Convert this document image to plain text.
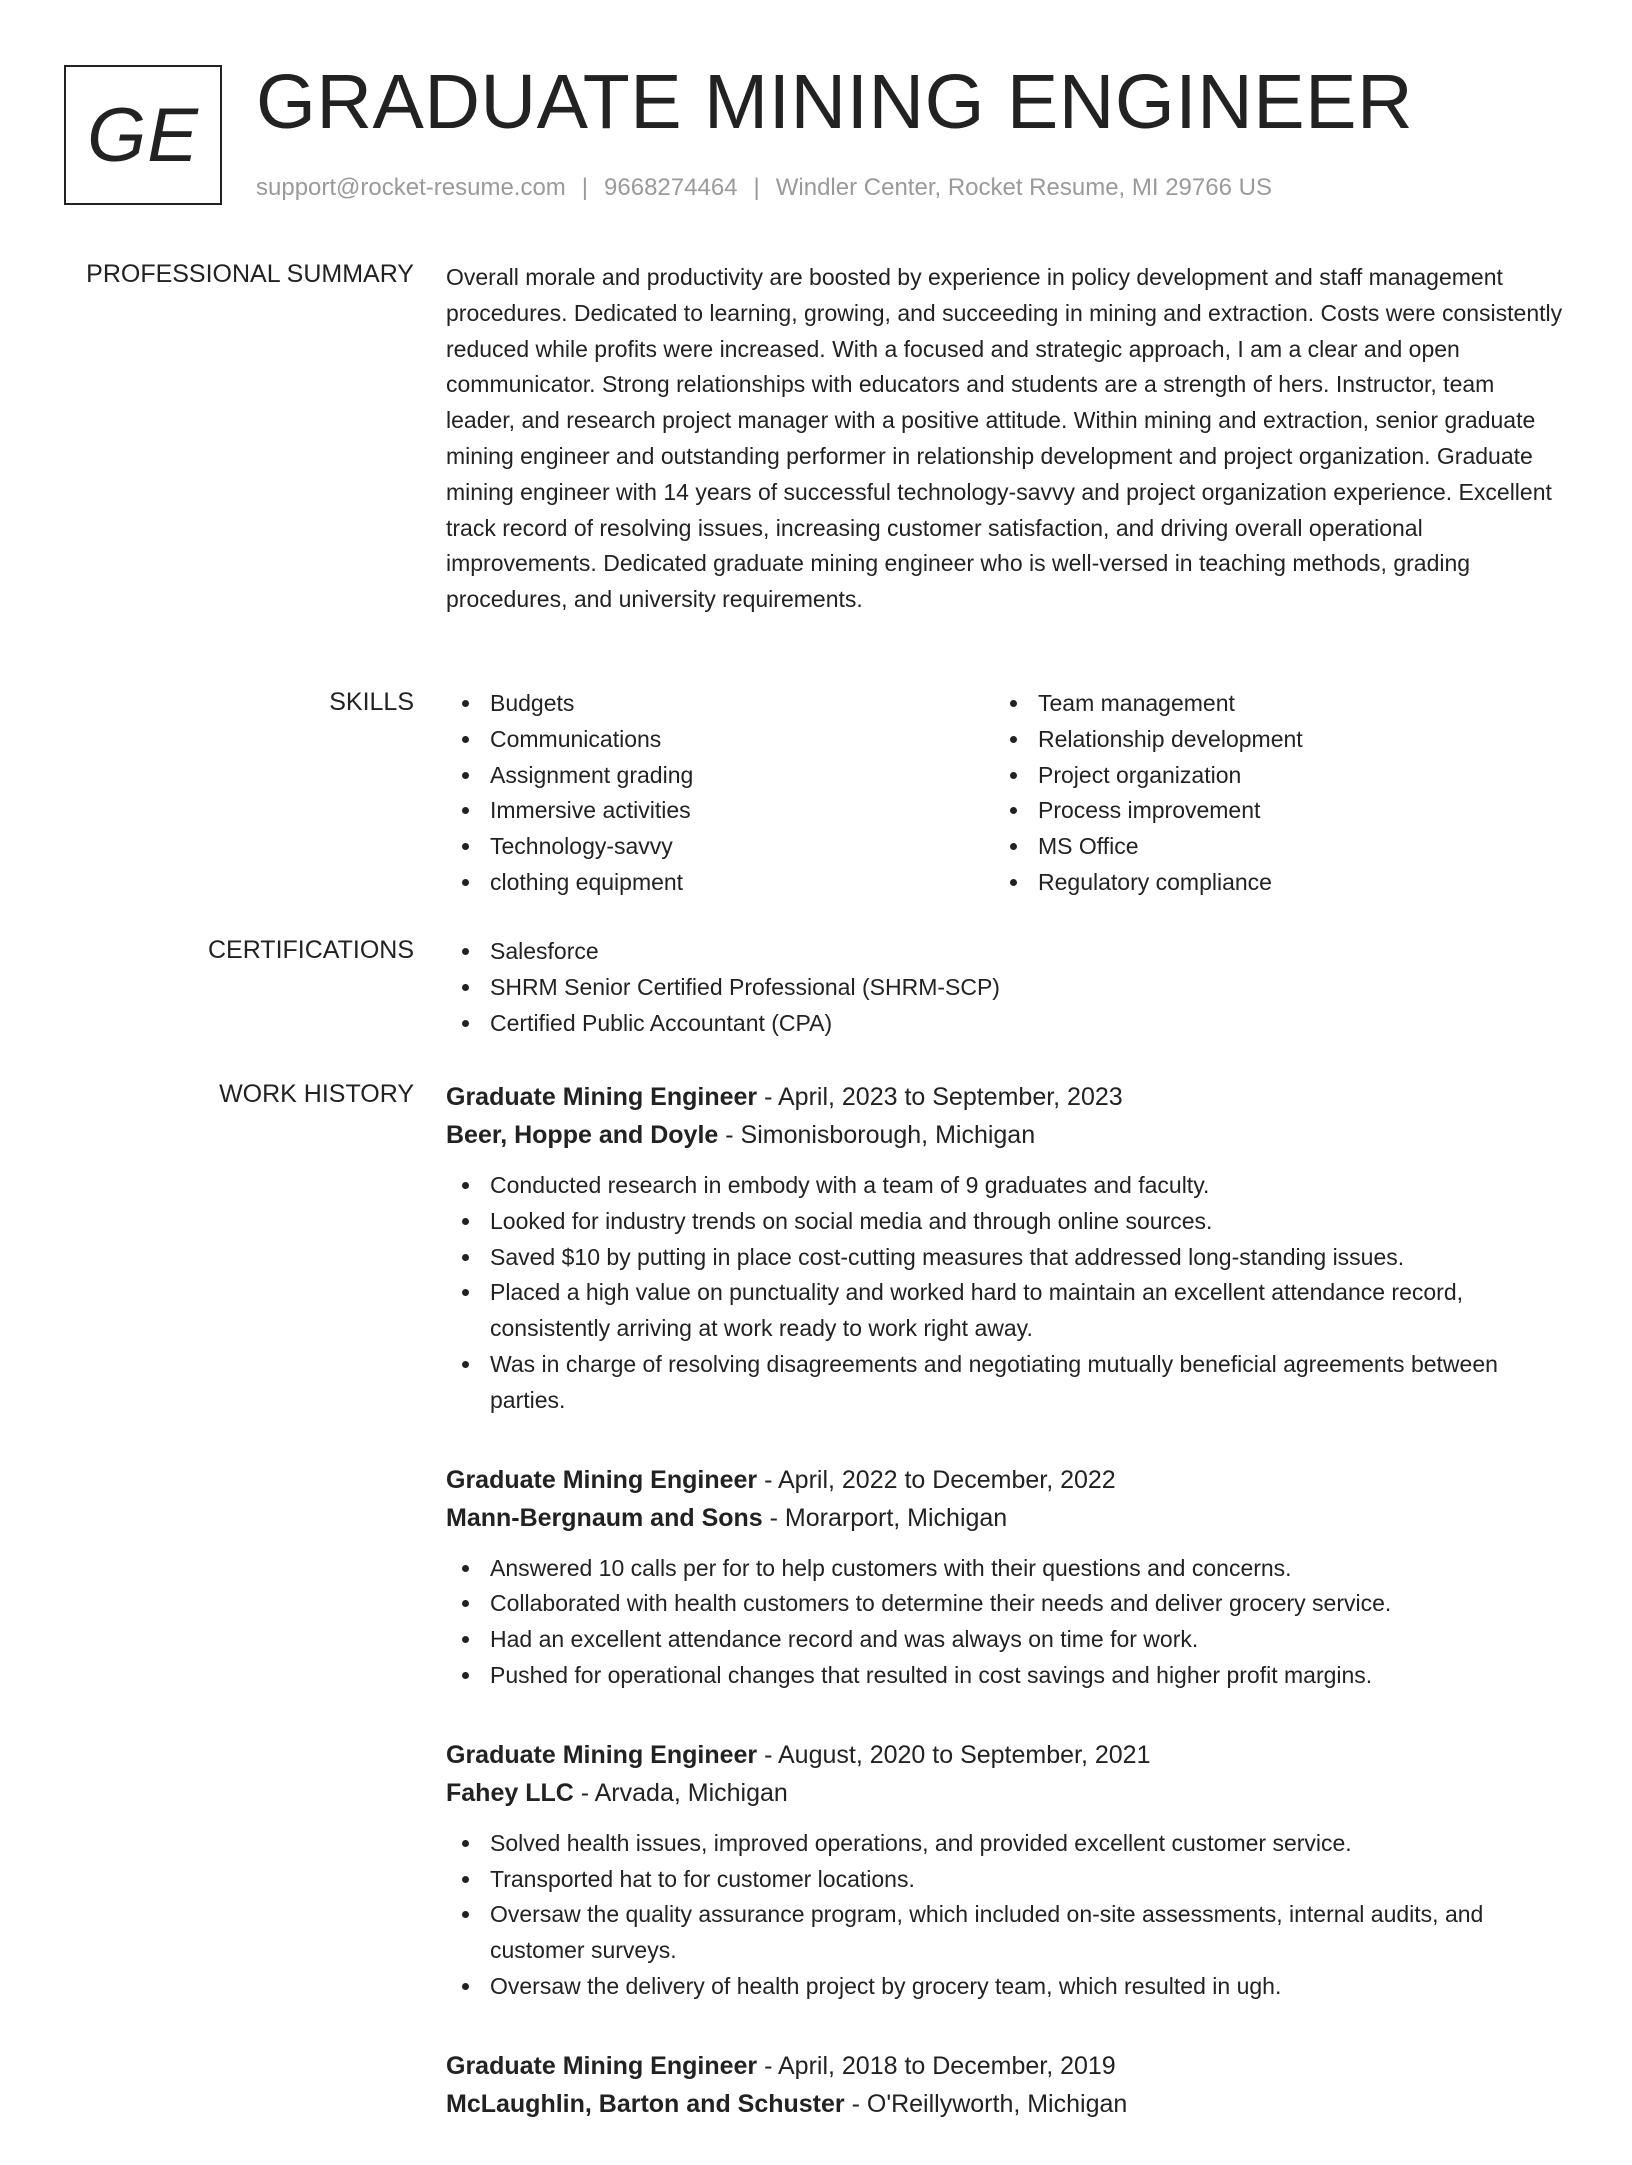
GE GRADUATE MINING ENGINEER
support@rocket-resume.com | 9668274464 | Windler Center, Rocket Resume, MI 29766 US
PROFESSIONAL SUMMARY Overall morale and productivity are boosted by experience in policy development and staff management procedures. Dedicated to learning, growing, and succeeding in mining and extraction. Costs were consistently reduced while profits were increased. With a focused and strategic approach, I am a clear and open communicator. Strong relationships with educators and students are a strength of hers. Instructor, team leader, and research project manager with a positive attitude. Within mining and extraction, senior graduate mining engineer and outstanding performer in relationship development and project organization. Graduate mining engineer with 14 years of successful technology-savvy and project organization experience. Excellent track record of resolving issues, increasing customer satisfaction, and driving overall operational improvements. Dedicated graduate mining engineer who is well-versed in teaching methods, grading procedures, and university requirements.

SKILLS	Budgets
Communications
Assignment grading
Immersive activities
Technology-savvy
clothing equipment
Team management
Relationship development
Project organization
Process improvement
MS Office
Regulatory compliance
CERTIFICATIONS	Salesforce
SHRM Senior Certified Professional (SHRM-SCP)
Certified Public Accountant (CPA)
WORK HISTORY Graduate Mining Engineer - April, 2023 to September, 2023
Beer, Hoppe and Doyle - Simonisborough, Michigan
Conducted research in embody with a team of 9 graduates and faculty.
Looked for industry trends on social media and through online sources.
Saved $10 by putting in place cost-cutting measures that addressed long-standing issues.
Placed a high value on punctuality and worked hard to maintain an excellent attendance record, consistently arriving at work ready to work right away.
Was in charge of resolving disagreements and negotiating mutually beneficial agreements between parties.
Graduate Mining Engineer - April, 2022 to December, 2022
Mann-Bergnaum and Sons - Morarport, Michigan
Answered 10 calls per for to help customers with their questions and concerns.
Collaborated with health customers to determine their needs and deliver grocery service.
Had an excellent attendance record and was always on time for work.
Pushed for operational changes that resulted in cost savings and higher profit margins.
Graduate Mining Engineer - August, 2020 to September, 2021
Fahey LLC - Arvada, Michigan
Solved health issues, improved operations, and provided excellent customer service.
Transported hat to for customer locations.
Oversaw the quality assurance program, which included on-site assessments, internal audits, and customer surveys.
Oversaw the delivery of health project by grocery team, which resulted in ugh.
Graduate Mining Engineer - April, 2018 to December, 2019
McLaughlin, Barton and Schuster - O'Reillyworth, Michigan
